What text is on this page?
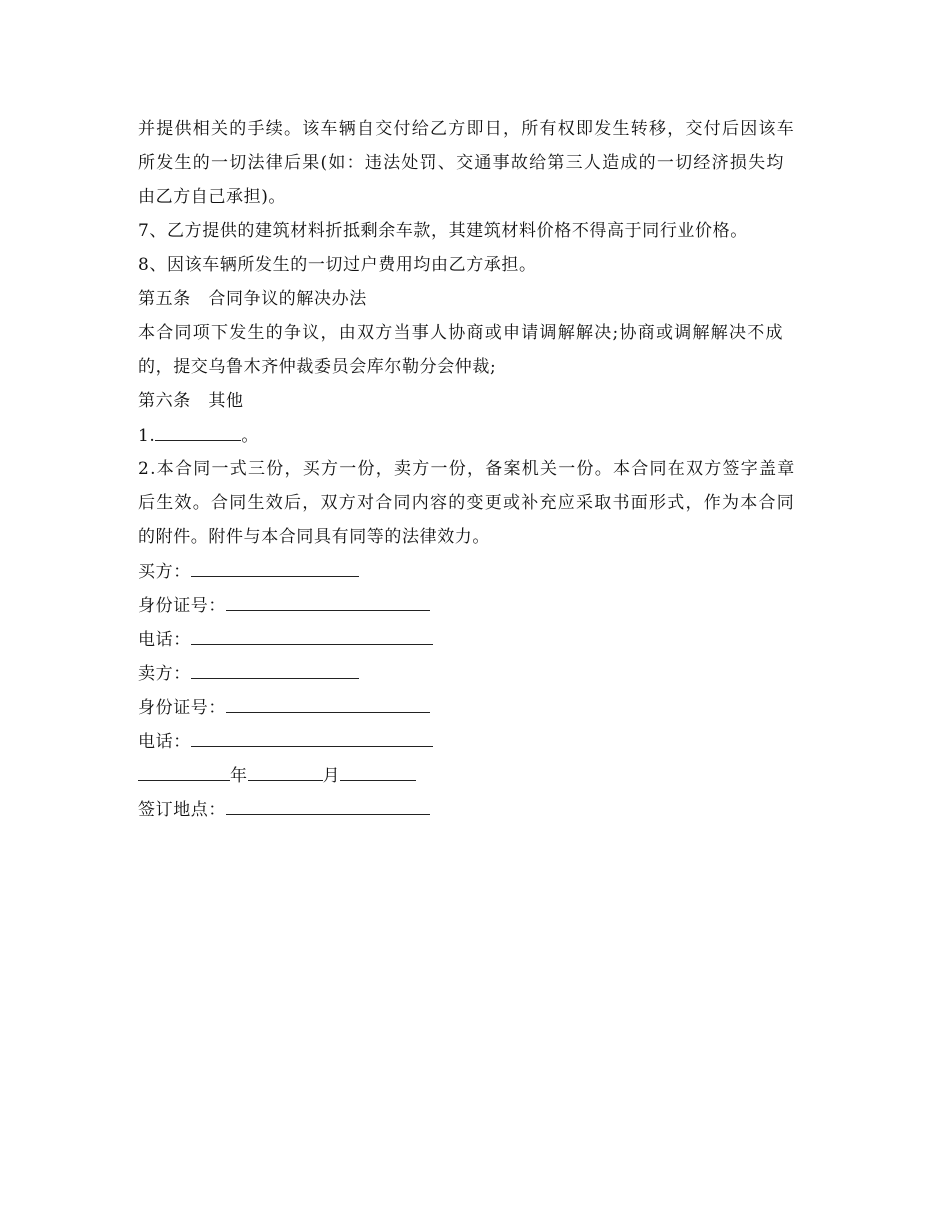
并提供相关的手续。该车辆自交付给乙方即日，所有权即发生转移，交付后因该车
所发生的一切法律后果(如：违法处罚、交通事故给第三人造成的一切经济损失均
由乙方自己承担)。
7、乙方提供的建筑材料折抵剩余车款，其建筑材料价格不得高于同行业价格。
8、因该车辆所发生的一切过户费用均由乙方承担。
第五条　合同争议的解决办法
本合同项下发生的争议，由双方当事人协商或申请调解解决;协商或调解解决不成
的，提交乌鲁木齐仲裁委员会库尔勒分会仲裁;
第六条　其他
1.	。
2.本合同一式三份，买方一份，卖方一份，备案机关一份。本合同在双方签字盖章
后生效。合同生效后，双方对合同内容的变更或补充应采取书面形式，作为本合同
的附件。附件与本合同具有同等的法律效力。
买方：
身份证号：
电话：
卖方：
身份证号：
电话：
年	月
签订地点：
